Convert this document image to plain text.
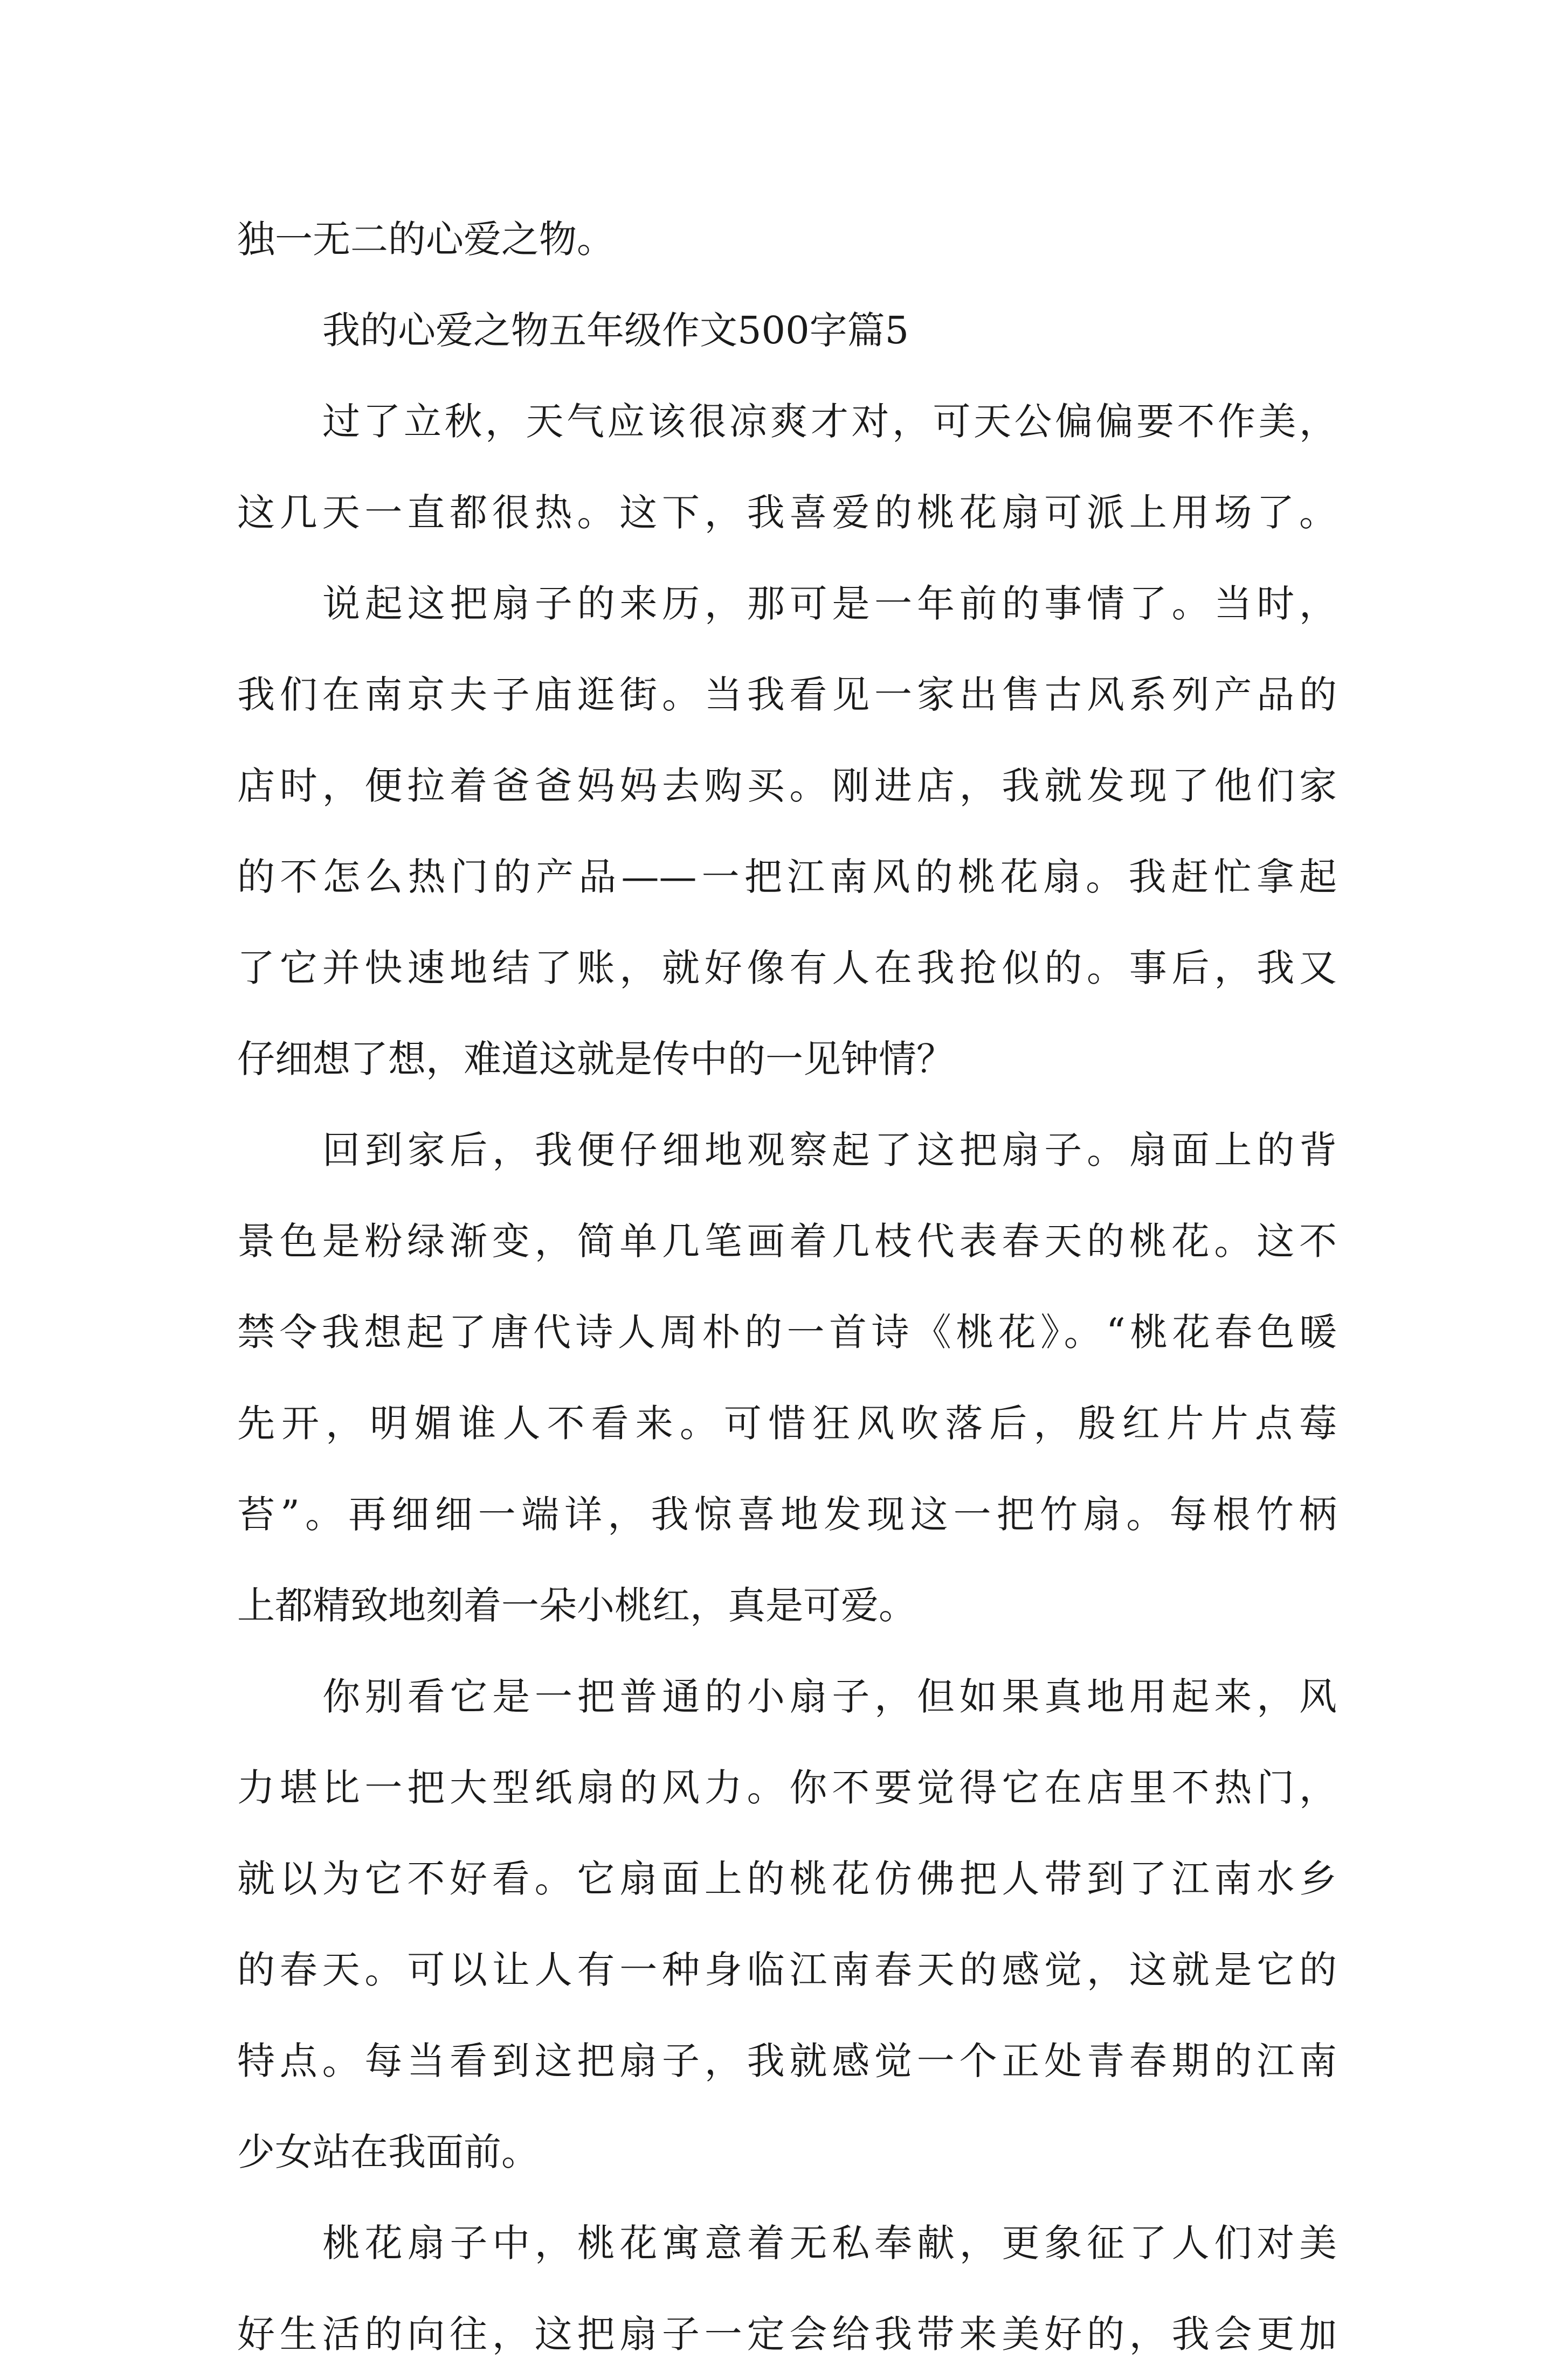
独一无二的心爱之物。
我的心爱之物五年级作文500字篇5
过了立秋，天气应该很凉爽才对，可天公偏偏要不作美，
这几天一直都很热。这下，我喜爱的桃花扇可派上用场了。
说起这把扇子的来历，那可是一年前的事情了。当时，
我们在南京夫子庙逛街。当我看见一家出售古风系列产品的
店时，便拉着爸爸妈妈去购买。刚进店，我就发现了他们家
的不怎么热门的产品——一把江南风的桃花扇。我赶忙拿起
了它并快速地结了账，就好像有人在我抢似的。事后，我又
仔细想了想，难道这就是传中的一见钟情？
回到家后，我便仔细地观察起了这把扇子。扇面上的背
景色是粉绿渐变，简单几笔画着几枝代表春天的桃花。这不
禁令我想起了唐代诗人周朴的一首诗《桃花》。“桃花春色暖
先开，明媚谁人不看来。可惜狂风吹落后，殷红片片点莓
苔”。再细细一端详，我惊喜地发现这一把竹扇。每根竹柄
上都精致地刻着一朵小桃红，真是可爱。
你别看它是一把普通的小扇子，但如果真地用起来，风
力堪比一把大型纸扇的风力。你不要觉得它在店里不热门，
就以为它不好看。它扇面上的桃花仿佛把人带到了江南水乡
的春天。可以让人有一种身临江南春天的感觉，这就是它的
特点。每当看到这把扇子，我就感觉一个正处青春期的江南
少女站在我面前。
桃花扇子中，桃花寓意着无私奉献，更象征了人们对美
好生活的向往，这把扇子一定会给我带来美好的，我会更加
